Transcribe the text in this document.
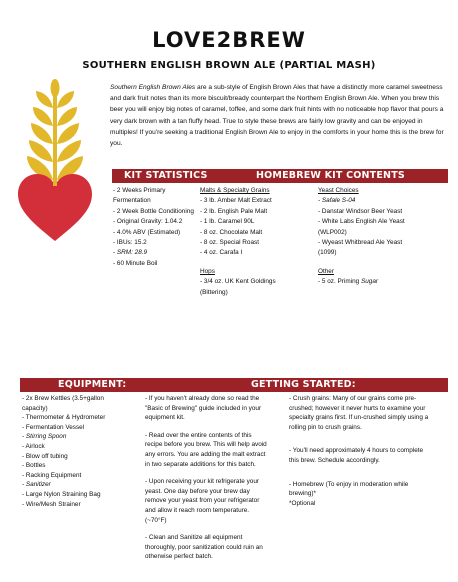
LOVE2BREW
SOUTHERN ENGLISH BROWN ALE (PARTIAL MASH)
Southern English Brown Ales are a sub-style of English Brown Ales that have a distinctly more caramel sweetness and dark fruit notes than its more biscuit/bready counterpart the Northern English Brown Ale. When you brew this beer you will enjoy big notes of caramel, toffee, and some dark fruit hints with no noticeable hop flavor that pours a very dark brown with a tan fluffy head. True to style these brews are fairly low gravity and can be enjoyed in multiples! If you're seeking a traditional English Brown Ale to enjoy in the comforts in your home this is the brew for you.
KIT STATISTICS	HOMEBREW KIT CONTENTS
- 2 Weeks Primary
Fermentation
- 2 Week Bottle Conditioning
- Original Gravity: 1.04.2
- 4.0% ABV (Estimated)
- IBUs: 15.2
- SRM: 28.9
- 60 Minute Boil
Malts & Specialty Grains
- 3 lb. Amber Malt Extract
- 2 lb. English Pale Malt
- 1 lb. Caramel 90L
- 8 oz. Chocolate Malt
- 8 oz. Special Roast
- 4 oz. Carafa I
Hops
- 3/4 oz. UK Kent Goldings
(Bittering)
Yeast Choices
- Safale S-04
- Danstar Windsor Beer Yeast
- White Labs English Ale Yeast
(WLP002)
- Wyeast Whitbread Ale Yeast
(1099)
Other
- 5 oz. Priming Sugar
EQUIPMENT:	GETTING STARTED:
- 2x Brew Kettles (3.5+gallon
capacity)
- Thermometer & Hydrometer
- Fermentation Vessel
- Stirring Spoon
- Airlock
- Blow off tubing
- Bottles
- Racking Equipment
- Sanitizer
- Large Nylon Straining Bag
- Wire/Mesh Strainer
- If you haven't already done so read the "Basic of Brewing" guide included in your equipment kit.
- Read over the entire contents of this recipe before you brew. This will help avoid any errors. You are adding the malt extract in two separate additions for this batch.
- Upon receiving your kit refrigerate your yeast. One day before your brew day remove your yeast from your refrigerator and allow it reach room temperature. (~70°F)
- Clean and Sanitize all equipment thoroughly, poor sanitization could ruin an otherwise perfect batch.
- Crush grains: Many of our grains come pre-crushed; however it never hurts to examine your specialty grains first. If un-crushed simply using a rolling pin to crush grains.
- You'll need approximately 4 hours to complete this brew. Schedule accordingly.
- Homebrew (To enjoy in moderation while brewing)*
*Optional
